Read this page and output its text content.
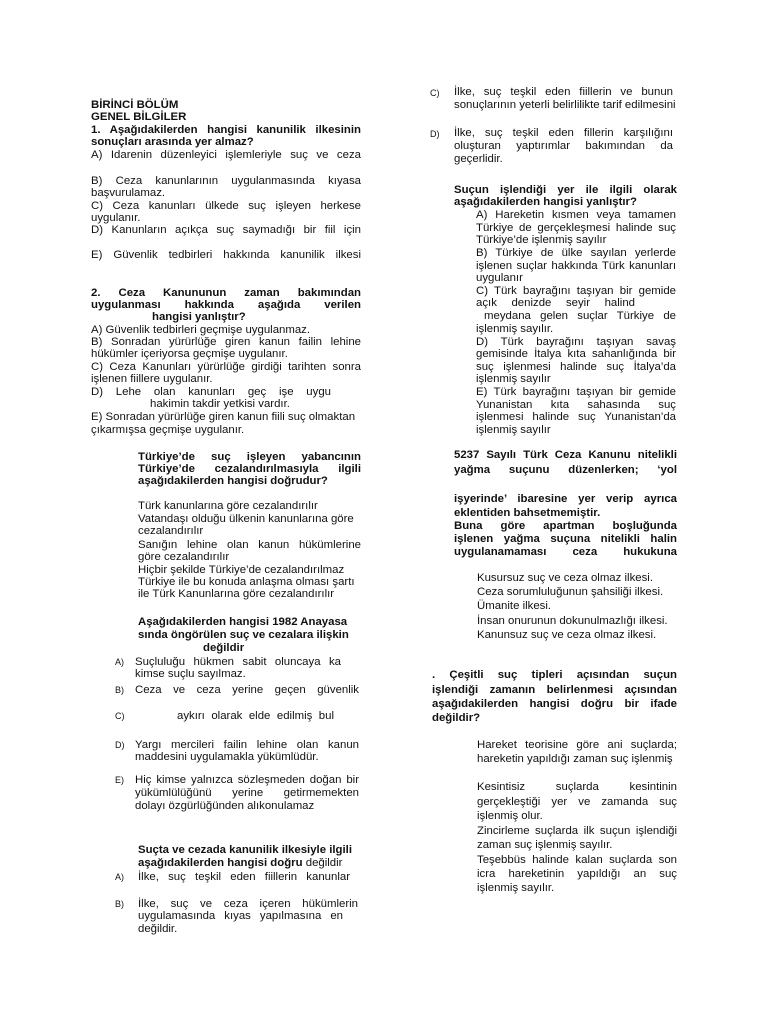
BİRİNCİ BÖLÜM
GENEL BİLGİLER
1. Aşağıdakilerden hangisi kanunilik ilkesinin
sonuçları arasında yer almaz?
A) Idarenin düzenleyici işlemleriyle suç ve ceza
B) Ceza kanunlarının uygulanmasında kıyasa
başvurulamaz.
C) Ceza kanunları ülkede suç işleyen herkese
uygulanır.
D) Kanunların açıkça suç saymadığı bir fiil için
E) Güvenlik tedbirleri hakkında kanunilik ilkesi
2. Ceza Kanununun zaman bakımından
uygulanması hakkında aşağıda verilen
hangisi yanlıştır?
A) Güvenlik tedbirleri geçmişe uygulanmaz.
B) Sonradan yürürlüğe giren kanun failin lehine
hükümler içeriyorsa geçmişe uygulanır.
C) Ceza Kanunları yürürlüğe girdiği tarihten sonra
işlenen fiillere uygulanır.
D) Lehe olan kanunları geç işe uygu
hakimin takdir yetkisi vardır.
E) Sonradan yürürlüğe giren kanun fiili suç olmaktan
çıkarmışsa geçmişe uygulanır.
Türkiye’de suç işleyen yabancının
Türkiye’de cezalandırılmasıyla ilgili
aşağıdakilerden hangisi doğrudur?
Türk kanunlarına göre cezalandırılır
Vatandaşı olduğu ülkenin kanunlarına göre
cezalandırılır
Sanığın lehine olan kanun hükümlerine
göre cezalandırılır
Hiçbir şekilde Türkiye’de cezalandırılmaz
Türkiye ile bu konuda anlaşma olması şartı
ile Türk Kanunlarına göre cezalandırılır
Aşağıdakilerden hangisi 1982 Anayasa
sında öngörülen suç ve cezalara ilişkin
değildir
A) Suçluluğu hükmen sabit oluncaya ka
kimse suçlu sayılmaz.
B) Ceza ve ceza yerine geçen güvenlik
C)	aykırı olarak elde edilmiş bul
D) Yargı mercileri failin lehine olan kanun
maddesini uygulamakla yükümlüdür.
E) Hiç kimse yalnızca sözleşmeden doğan bir
yükümlülüğünü yerine getirmemekten
dolayı özgürlüğünden alıkonulamaz
Suçta ve cezada kanunilik ilkesiyle ilgili
aşağıdakilerden hangisi doğru değildir
A) İlke, suç teşkil eden fiillerin kanunlar
B) İlke, suç ve ceza içeren hükümlerin
uygulamasında kıyas yapılmasına en
değildir.
C) İlke, suç teşkil eden fiillerin ve bunun
sonuçlarının yeterli belirlilikte tarif edilmesini
D) İlke, suç teşkil eden fillerin karşılığını
oluşturan yaptırımlar bakımından da
geçerlidir.
Suçun işlendiği yer ile ilgili olarak
aşağıdakilerden hangisi yanlıştır?
A) Hareketin kısmen veya tamamen
Türkiye de gerçekleşmesi halinde suç
Türkiye’de işlenmiş sayılır
B) Türkiye de ülke sayılan yerlerde
işlenen suçlar hakkında Türk kanunları
uygulanır
C) Türk bayrağını taşıyan bir gemide
açık denizde seyir halind
meydana gelen suçlar Türkiye de
işlenmiş sayılır.
D) Türk bayrağını taşıyan savaş
gemisinde İtalya kıta sahanlığında bir
suç işlenmesi halinde suç İtalya’da
işlenmiş sayılır
E) Türk bayrağını taşıyan bir gemide
Yunanistan kıta sahasında suç
işlenmesi halinde suç Yunanistan’da
işlenmiş sayılır
5237 Sayılı Türk Ceza Kanunu nitelikli
yağma suçunu düzenlerken; ‘yol
işyerinde’ ibaresine yer verip ayrıca
eklentiden bahsetmemiştir.
Buna göre apartman boşluğunda
işlenen yağma suçuna nitelikli halin
uygulanamaması ceza hukukuna
Kusursuz suç ve ceza olmaz ilkesi.
Ceza sorumluluğunun şahsiliği ilkesi.
Ümanite ilkesi.
İnsan onurunun dokunulmazlığı ilkesi.
Kanunsuz suç ve ceza olmaz ilkesi.
. Çeşitli suç tipleri açısından suçun
işlendiği zamanın belirlenmesi açısından
aşağıdakilerden hangisi doğru bir ifade
değildir?
Hareket teorisine göre ani suçlarda;
hareketin yapıldığı zaman suç işlenmiş
Kesintisiz suçlarda kesintinin
gerçekleştiği yer ve zamanda suç
işlenmiş olur.
Zincirleme suçlarda ilk suçun işlendiği
zaman suç işlenmiş sayılır.
Teşebbüs halinde kalan suçlarda son
icra hareketinin yapıldığı an suç
işlenmiş sayılır.
